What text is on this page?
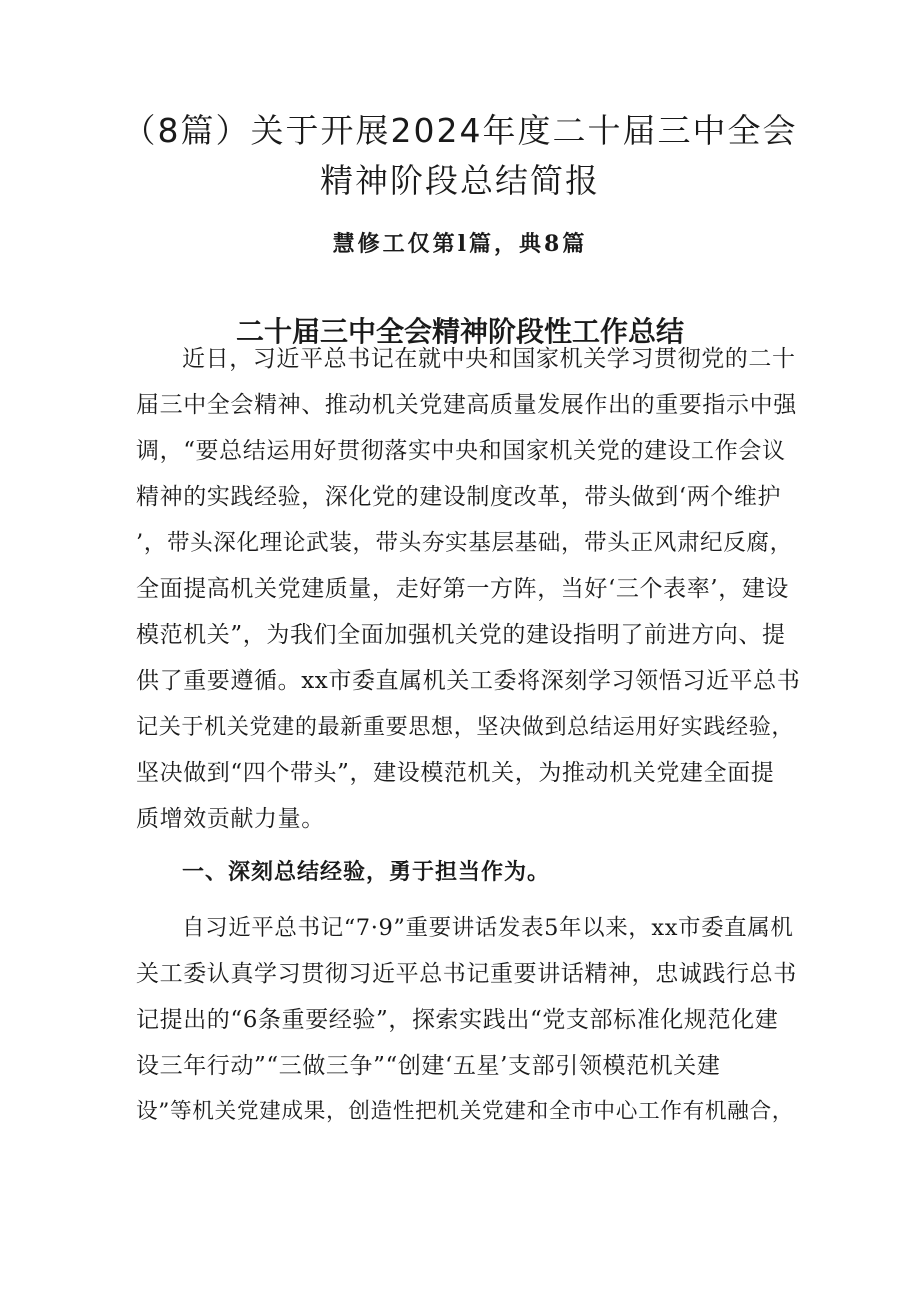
（8篇）关于开展2024年度二十届三中全会
精神阶段总结简报
慧修工仅第l篇，典8篇
二十届三中全会精神阶段性工作总结
近日，习近平总书记在就中央和国家机关学习贯彻党的二十
届三中全会精神、推动机关党建高质量发展作出的重要指示中强
调，“要总结运用好贯彻落实中央和国家机关党的建设工作会议
精神的实践经验，深化党的建设制度改革，带头做到‘两个维护
’，带头深化理论武装，带头夯实基层基础，带头正风肃纪反腐，
全面提高机关党建质量，走好第一方阵，当好‘三个表率’，建设
模范机关”，为我们全面加强机关党的建设指明了前进方向、提
供了重要遵循。xx市委直属机关工委将深刻学习领悟习近平总书
记关于机关党建的最新重要思想，坚决做到总结运用好实践经验，
坚决做到“四个带头”，建设模范机关，为推动机关党建全面提
质增效贡献力量。
一、深刻总结经验，勇于担当作为。
自习近平总书记“7·9”重要讲话发表5年以来，xx市委直属机
关工委认真学习贯彻习近平总书记重要讲话精神，忠诚践行总书
记提出的“6条重要经验”，探索实践出“党支部标准化规范化建
设三年行动”“三做三争”“创建‘五星’支部引领模范机关建
设”等机关党建成果，创造性把机关党建和全市中心工作有机融合，
